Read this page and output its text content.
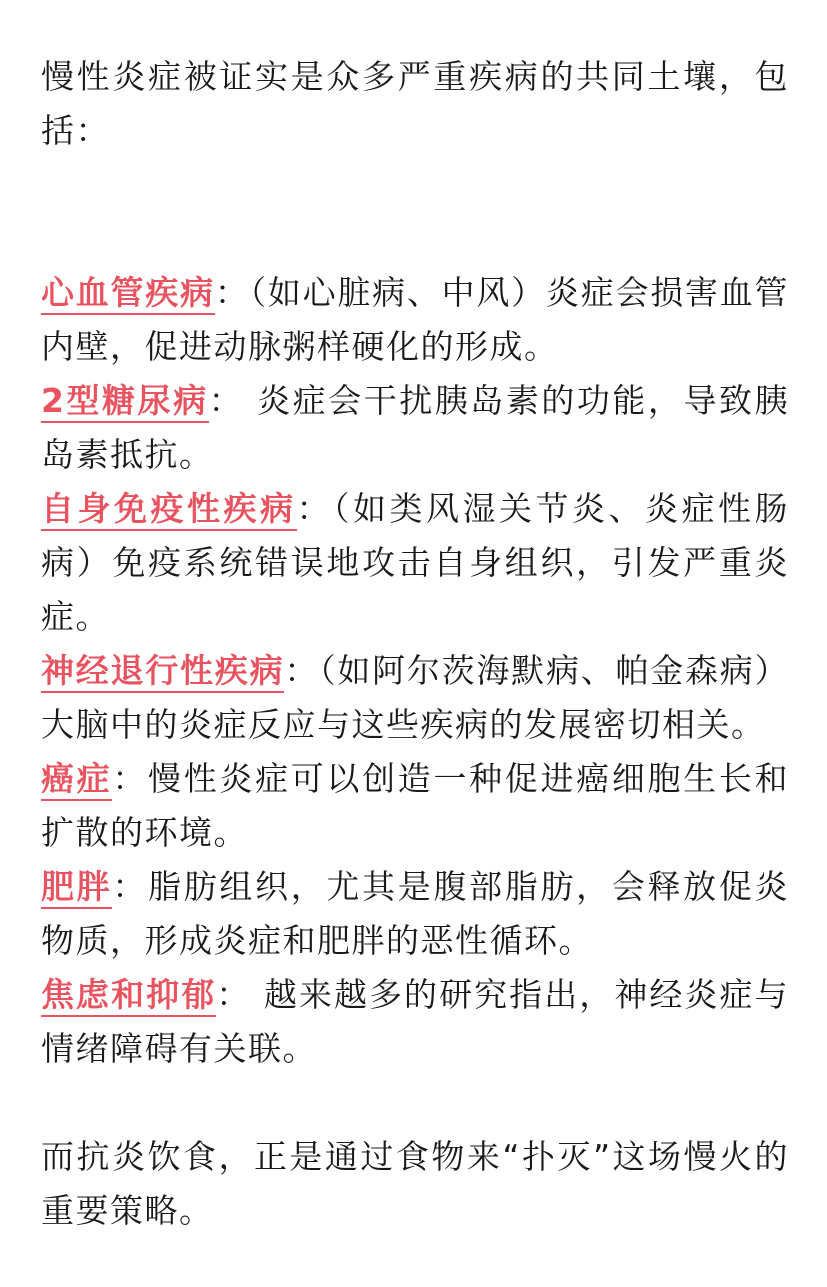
慢性炎症被证实是众多严重疾病的共同土壤，包括：

心血管疾病：（如心脏病、中风）炎症会损害血管内壁，促进动脉粥样硬化的形成。

2型糖尿病： 炎症会干扰胰岛素的功能，导致胰岛素抵抗。

自身免疫性疾病：（如类风湿关节炎、炎症性肠病）免疫系统错误地攻击自身组织，引发严重炎症。

神经退行性疾病：（如阿尔茨海默病、帕金森病）大脑中的炎症反应与这些疾病的发展密切相关。

癌症：慢性炎症可以创造一种促进癌细胞生长和扩散的环境。

肥胖：脂肪组织，尤其是腹部脂肪，会释放促炎物质，形成炎症和肥胖的恶性循环。

焦虑和抑郁： 越来越多的研究指出，神经炎症与情绪障碍有关联。

而抗炎饮食，正是通过食物来“扑灭”这场慢火的重要策略。
